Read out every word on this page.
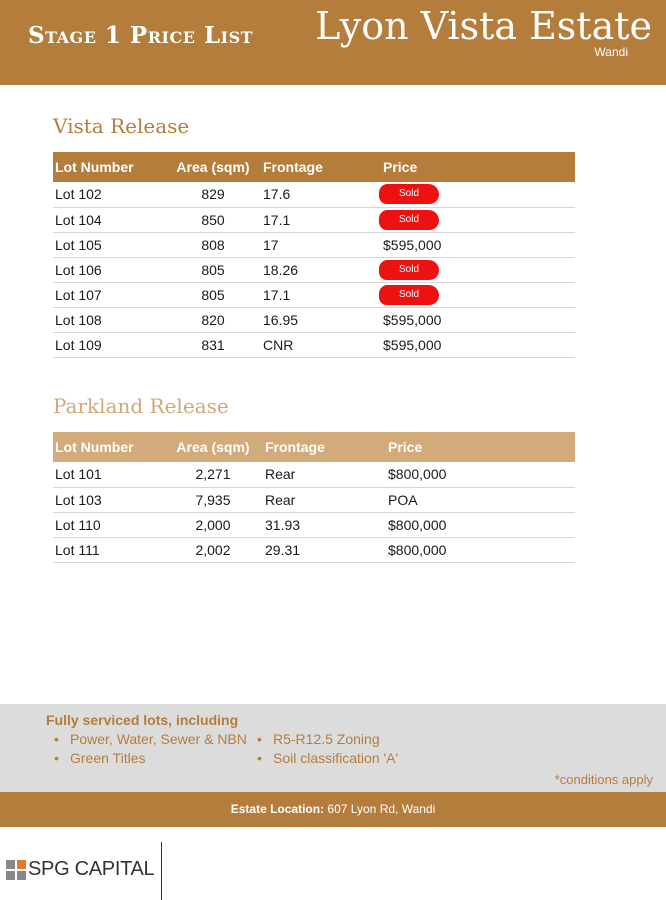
Stage 1 Price List Lyon Vista Estate
Wandi
Vista Release
Lot Number	Area (sqm)	Frontage	Price
Lot 102	829	17.6	Sold
Lot 104	850	17.1	Sold
Lot 105	808	17	$595,000
Lot 106	805	18.26	Sold
Lot 107	805	17.1	Sold
Lot 108	820	16.95	$595,000
Lot 109	831	CNR	$595,000
Parkland Release
Lot Number	Area (sqm)	Frontage	Price
Lot 101	2,271	Rear	$800,000
Lot 103	7,935	Rear	POA
Lot 110	2,000	31.93	$800,000
Lot 111	2,002	29.31	$800,000
Fully serviced lots, including
• Power, Water, Sewer & NBN
• Green Titles
• R5-R12.5 Zoning
• Soil classification 'A'
*conditions apply
Estate Location: 607 Lyon Rd, Wandi
SPG CAPITAL
